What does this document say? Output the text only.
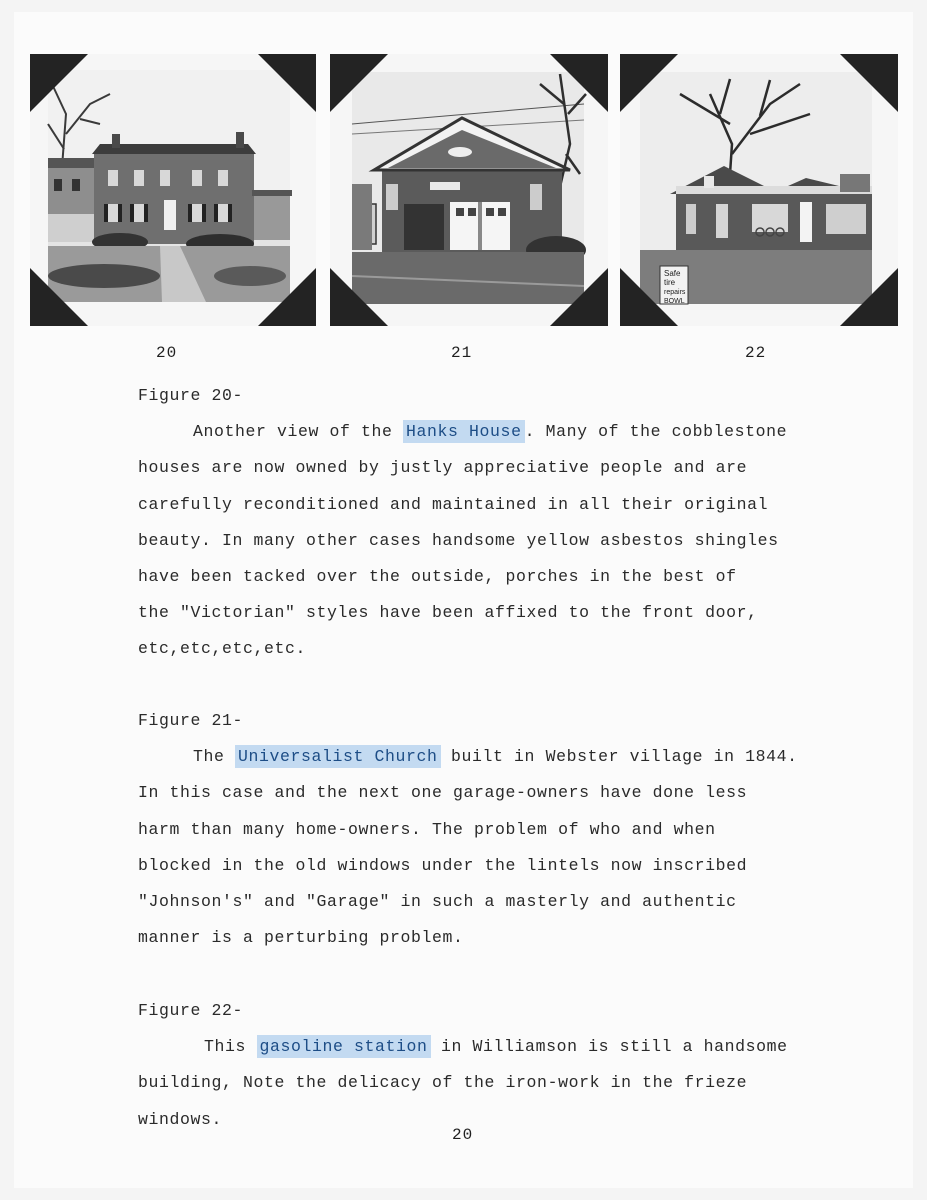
Safe
tire
repairs
BOWL
20	21	22
Figure 20-
Another view of the Hanks House . Many of the cobblestone
houses are now owned by justly appreciative people and are
carefully reconditioned and maintained in all their original
beauty. In many other cases handsome yellow asbestos shingles
have been tacked over the outside, porches in the best of
the "Victorian" styles have been affixed to the front door,
etc,etc,etc,etc.
Figure 21-
The Universalist Church built in Webster village in 1844.
In this case and the next one garage-owners have done less
harm than many home-owners. The problem of who and when
blocked in the old windows under the lintels now inscribed
"Johnson's" and "Garage" in such a masterly and authentic
manner is a perturbing problem.
Figure 22-
This gasoline station in Williamson is still a handsome
building, Note the delicacy of the iron-work in the frieze
windows.
20
